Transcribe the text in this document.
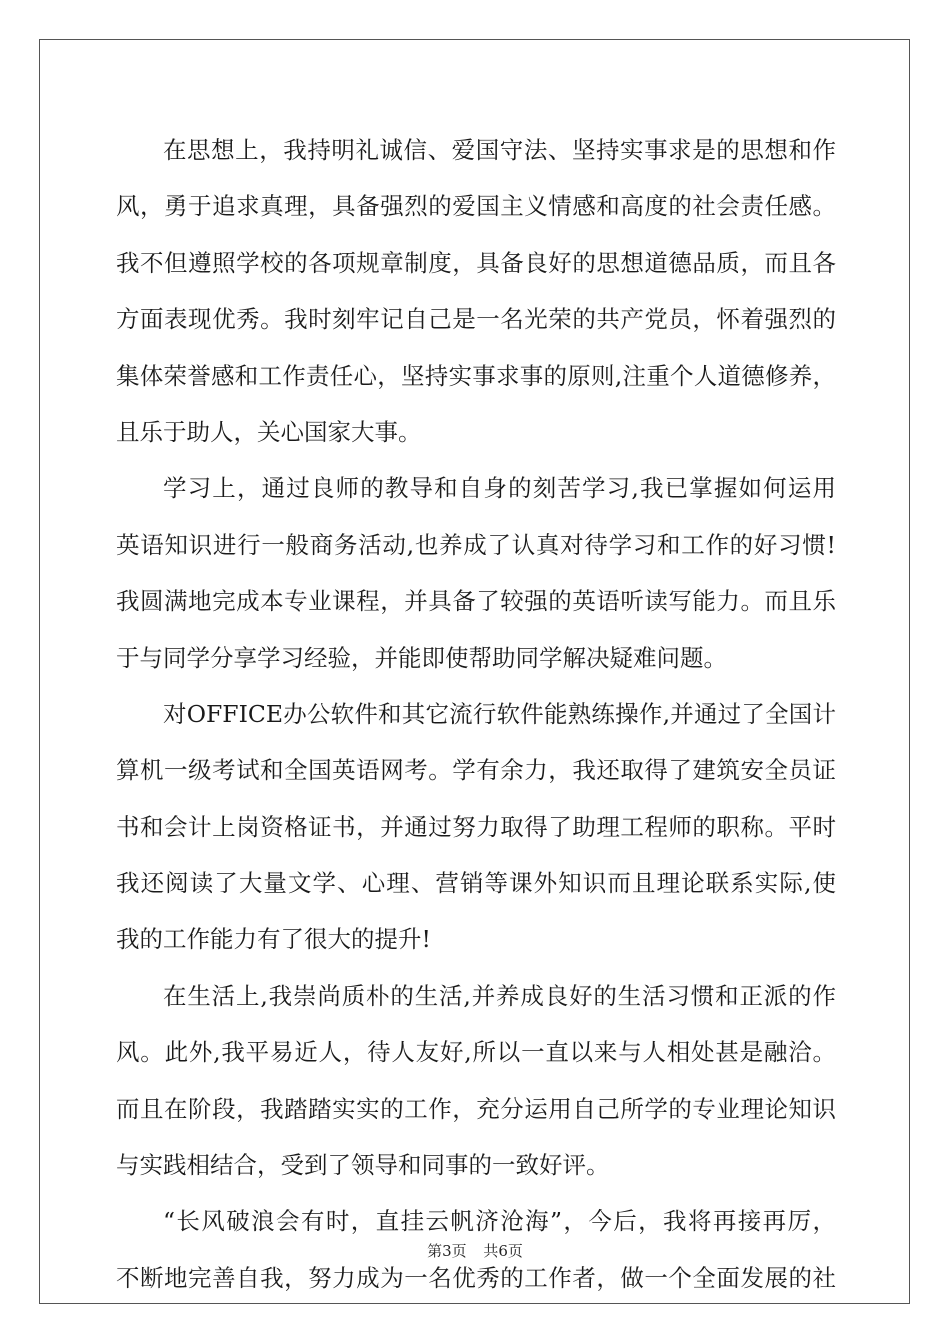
在思想上，我持明礼诚信、爱国守法、坚持实事求是的思想和作
风，勇于追求真理，具备强烈的爱国主义情感和高度的社会责任感。
我不但遵照学校的各项规章制度，具备良好的思想道德品质，而且各
方面表现优秀。我时刻牢记自己是一名光荣的共产党员，怀着强烈的
集体荣誉感和工作责任心，坚持实事求事的原则,注重个人道德修养，
且乐于助人，关心国家大事。
学习上，通过良师的教导和自身的刻苦学习,我已掌握如何运用
英语知识进行一般商务活动,也养成了认真对待学习和工作的好习惯!
我圆满地完成本专业课程，并具备了较强的英语听读写能力。而且乐
于与同学分享学习经验，并能即使帮助同学解决疑难问题。
对OFFICE办公软件和其它流行软件能熟练操作,并通过了全国计
算机一级考试和全国英语网考。学有余力，我还取得了建筑安全员证
书和会计上岗资格证书，并通过努力取得了助理工程师的职称。平时
我还阅读了大量文学、心理、营销等课外知识而且理论联系实际,使
我的工作能力有了很大的提升!
在生活上,我崇尚质朴的生活,并养成良好的生活习惯和正派的作
风。此外,我平易近人，待人友好,所以一直以来与人相处甚是融洽。
而且在阶段，我踏踏实实的工作，充分运用自己所学的专业理论知识
与实践相结合，受到了领导和同事的一致好评。
“长风破浪会有时，直挂云帆济沧海”，今后，我将再接再厉，
不断地完善自我，努力成为一名优秀的工作者，做一个全面发展的社
第3页 共6页
